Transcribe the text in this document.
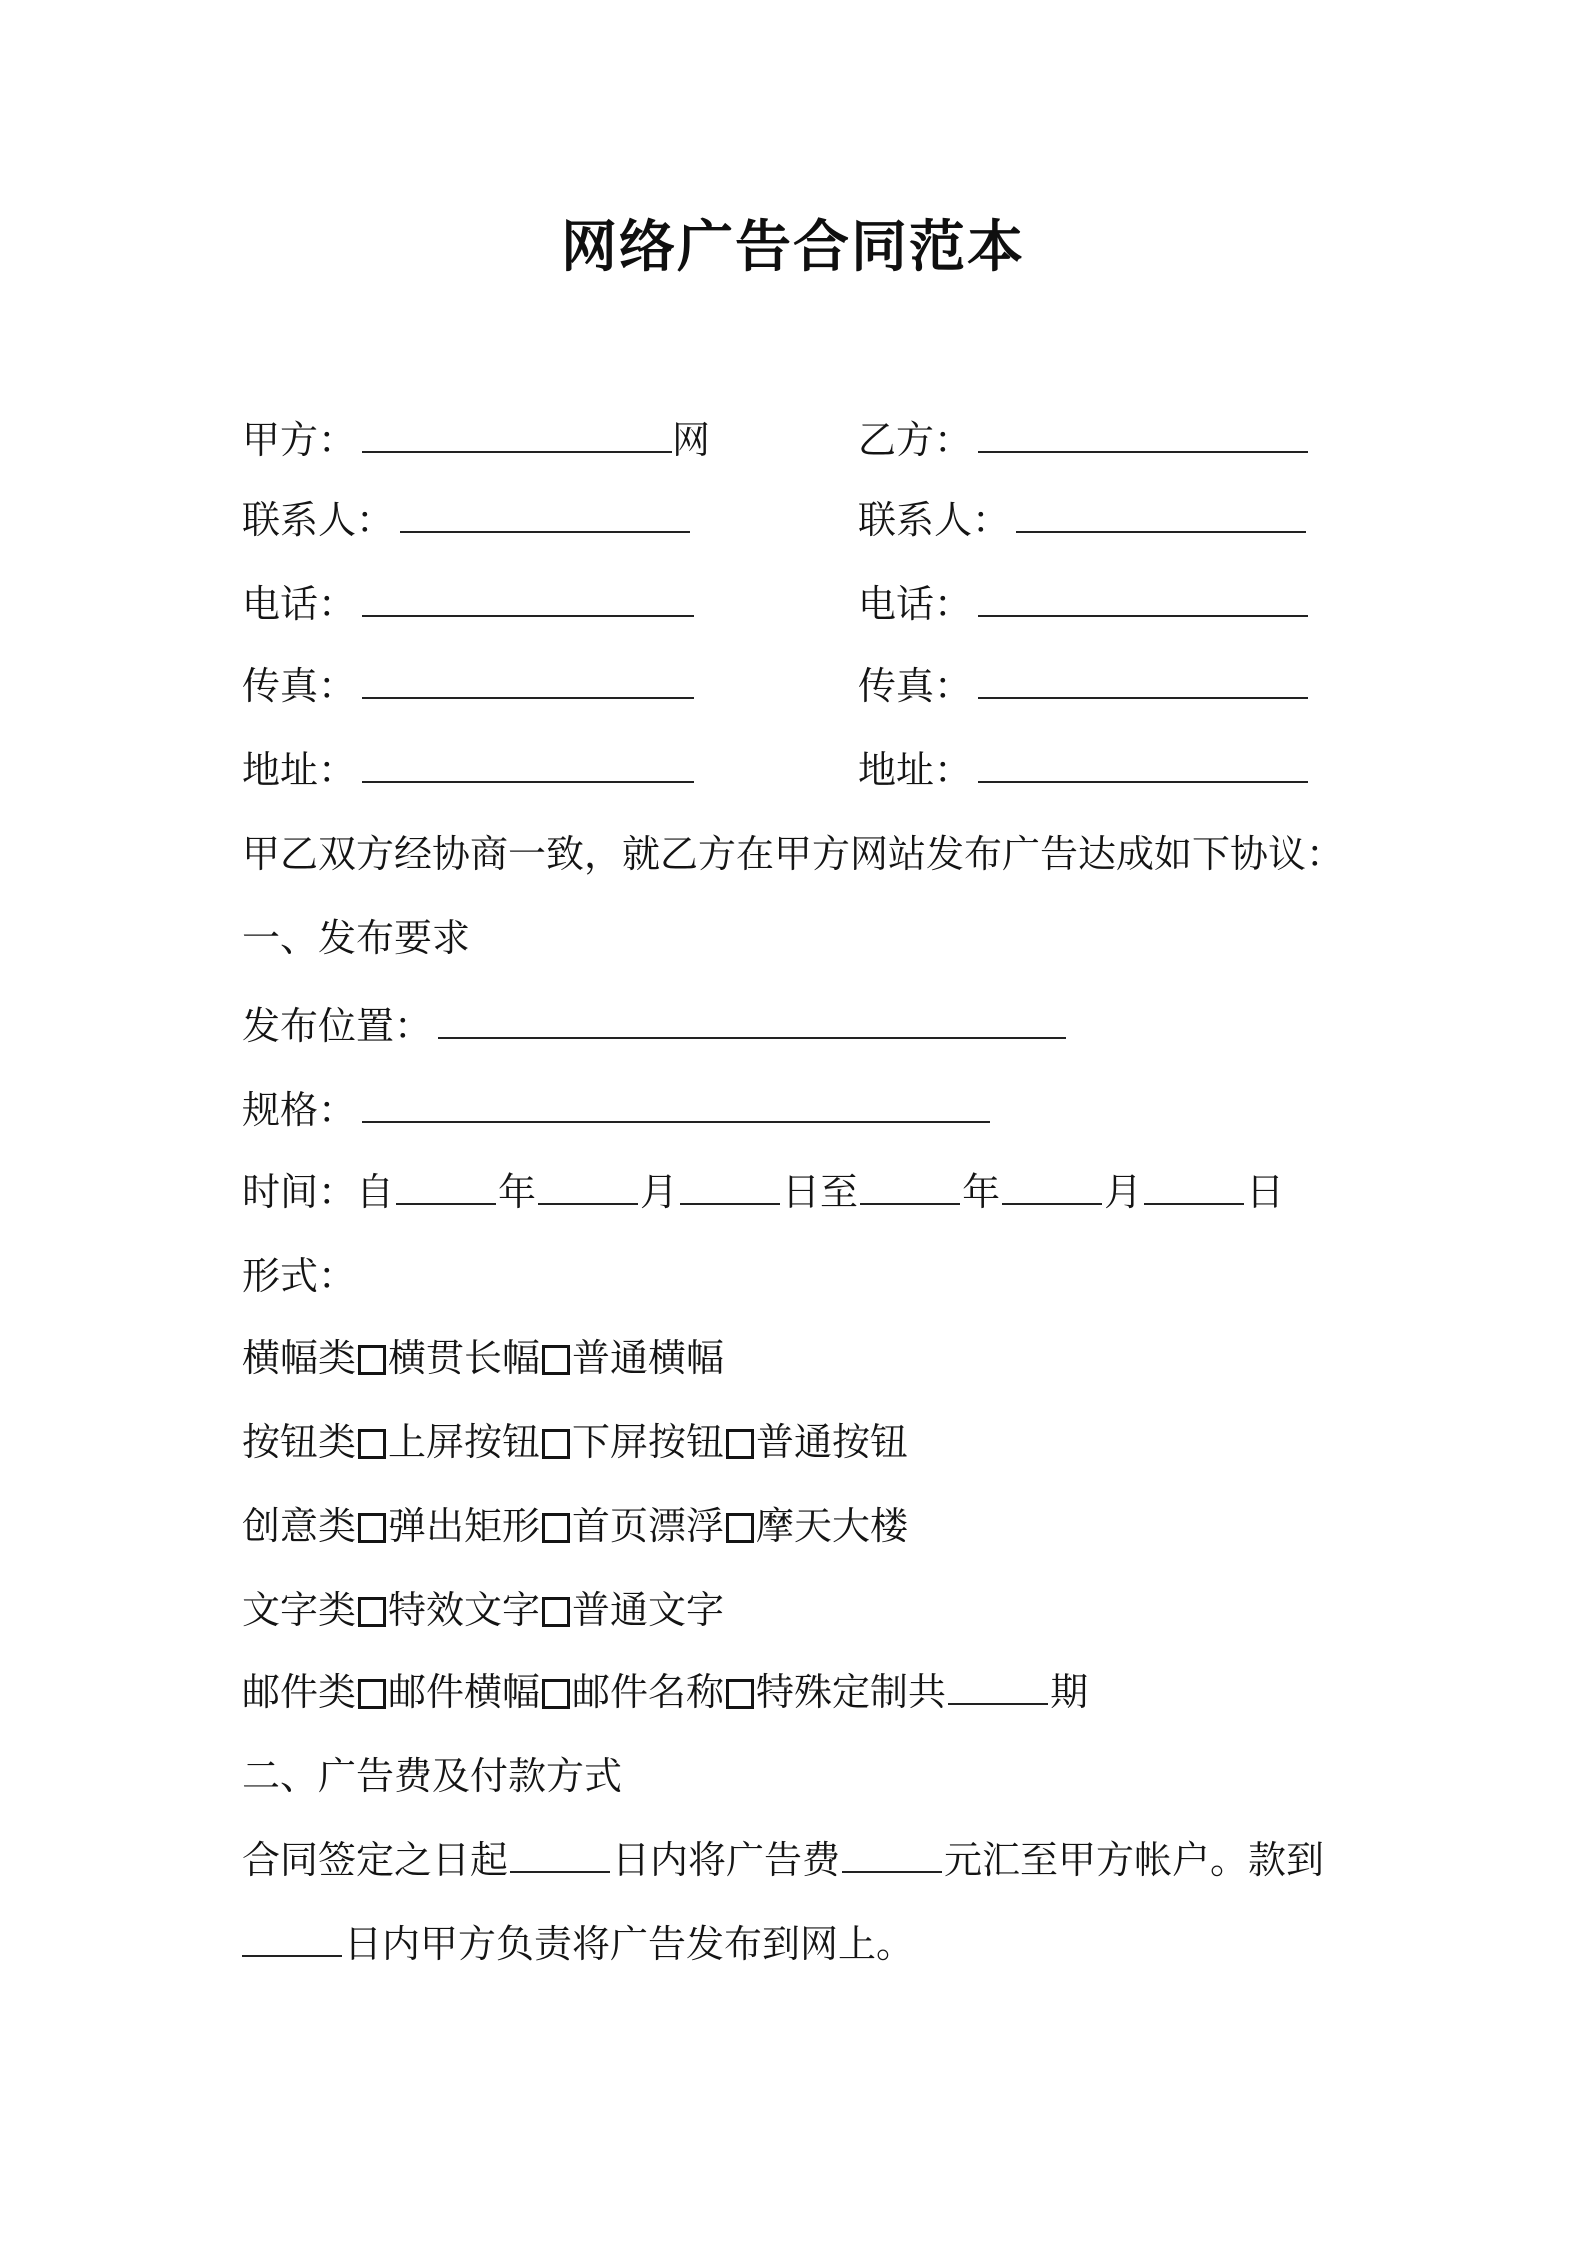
网络广告合同范本
甲方：	网	乙方：
联系人：	联系人：
电话：	电话：
传真：	传真：
地址：	地址：
甲乙双方经协商一致，就乙方在甲方网站发布广告达成如下协议：
一、发布要求
发布位置：
规格：
时间：自	年	月	日至	年	月	日
形式：
横幅类 横贯长幅 普通横幅
按钮类 上屏按钮 下屏按钮 普通按钮
创意类 弹出矩形 首页漂浮 摩天大楼
文字类 特效文字 普通文字
邮件类 邮件横幅 邮件名称 特殊定制共	期
二、广告费及付款方式
合同签定之日起	日内将广告费	元汇至甲方帐户。款到
日内甲方负责将广告发布到网上。
